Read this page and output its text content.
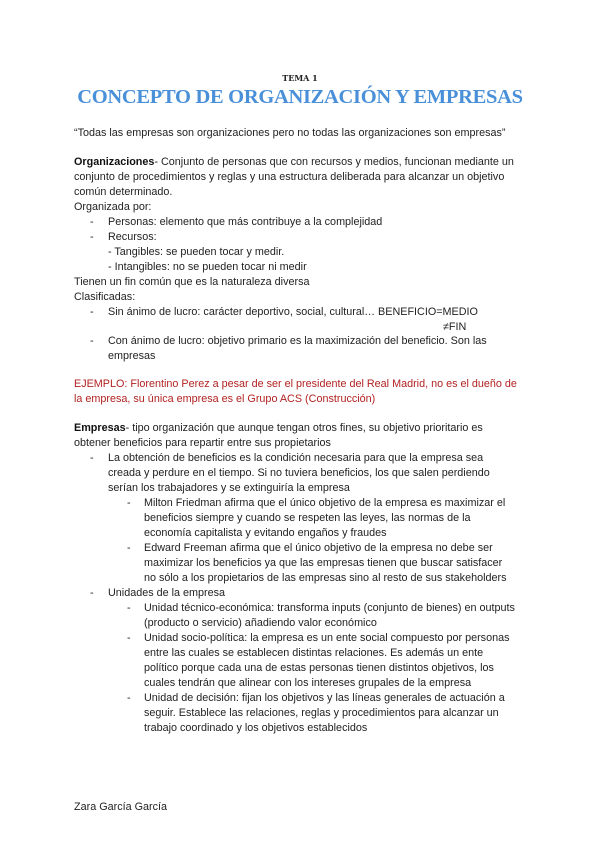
TEMA 1
CONCEPTO DE ORGANIZACIÓN Y EMPRESAS
“Todas las empresas son organizaciones pero no todas las organizaciones son empresas”
Organizaciones- Conjunto de personas que con recursos y medios, funcionan mediante un
conjunto de procedimientos y reglas y una estructura deliberada para alcanzar un objetivo
común determinado.
Organizada por:
- Personas: elemento que más contribuye a la complejidad
- Recursos:
- Tangibles: se pueden tocar y medir.
- Intangibles: no se pueden tocar ni medir
Tienen un fin común que es la naturaleza diversa
Clasificadas:
- Sin ánimo de lucro: carácter deportivo, social, cultural… BENEFICIO=MEDIO
≠FIN
- Con ánimo de lucro: objetivo primario es la maximización del beneficio. Son las
empresas
EJEMPLO: Florentino Perez a pesar de ser el presidente del Real Madrid, no es el dueño de
la empresa, su única empresa es el Grupo ACS (Construcción)
Empresas- tipo organización que aunque tengan otros fines, su objetivo prioritario es
obtener beneficios para repartir entre sus propietarios
- La obtención de beneficios es la condición necesaria para que la empresa sea
creada y perdure en el tiempo. Si no tuviera beneficios, los que salen perdiendo
serían los trabajadores y se extinguiría la empresa
- Milton Friedman afirma que el único objetivo de la empresa es maximizar el
beneficios siempre y cuando se respeten las leyes, las normas de la
economía capitalista y evitando engaños y fraudes
- Edward Freeman afirma que el único objetivo de la empresa no debe ser
maximizar los beneficios ya que las empresas tienen que buscar satisfacer
no sólo a los propietarios de las empresas sino al resto de sus stakeholders
- Unidades de la empresa
- Unidad técnico-económica: transforma inputs (conjunto de bienes) en outputs
(producto o servicio) añadiendo valor económico
- Unidad socio-política: la empresa es un ente social compuesto por personas
entre las cuales se establecen distintas relaciones. Es además un ente
político porque cada una de estas personas tienen distintos objetivos, los
cuales tendrán que alinear con los intereses grupales de la empresa
- Unidad de decisión: fijan los objetivos y las líneas generales de actuación a
seguir. Establece las relaciones, reglas y procedimientos para alcanzar un
trabajo coordinado y los objetivos establecidos
Zara García García
